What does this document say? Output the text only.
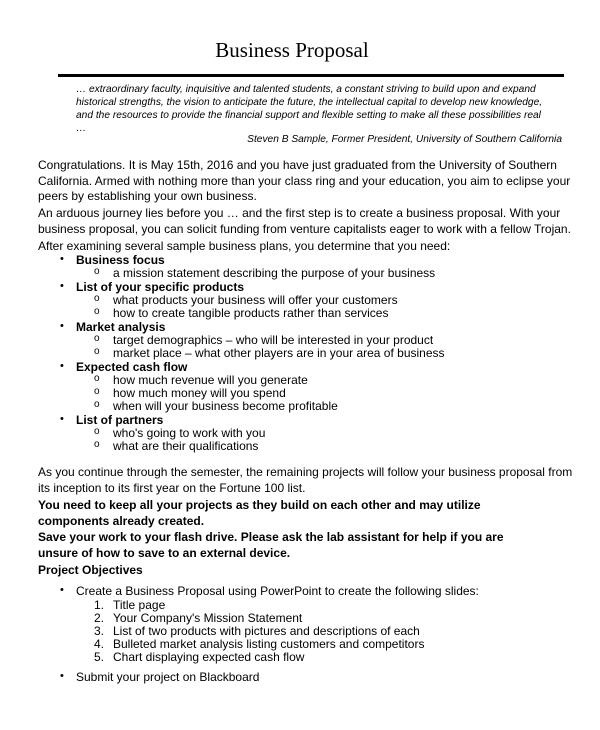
Business Proposal
… extraordinary faculty, inquisitive and talented students, a constant striving to build upon and expand
historical strengths, the vision to anticipate the future, the intellectual capital to develop new knowledge,
and the resources to provide the financial support and flexible setting to make all these possibilities real
…
Steven B Sample, Former President, University of Southern California
Congratulations. It is May 15th, 2016 and you have just graduated from the University of Southern
California. Armed with nothing more than your class ring and your education, you aim to eclipse your
peers by establishing your own business.
An arduous journey lies before you … and the first step is to create a business proposal. With your
business proposal, you can solicit funding from venture capitalists eager to work with a fellow Trojan.
After examining several sample business plans, you determine that you need:
• Business focus
o a mission statement describing the purpose of your business
• List of your specific products
o what products your business will offer your customers
o how to create tangible products rather than services
• Market analysis
o target demographics – who will be interested in your product
o market place – what other players are in your area of business
• Expected cash flow
o how much revenue will you generate
o how much money will you spend
o when will your business become profitable
• List of partners
o who's going to work with you
o what are their qualifications
As you continue through the semester, the remaining projects will follow your business proposal from
its inception to its first year on the Fortune 100 list.
You need to keep all your projects as they build on each other and may utilize
components already created.
Save your work to your flash drive. Please ask the lab assistant for help if you are
unsure of how to save to an external device.
Project Objectives
• Create a Business Proposal using PowerPoint to create the following slides:
1. Title page
2. Your Company's Mission Statement
3. List of two products with pictures and descriptions of each
4. Bulleted market analysis listing customers and competitors
5. Chart displaying expected cash flow
• Submit your project on Blackboard
